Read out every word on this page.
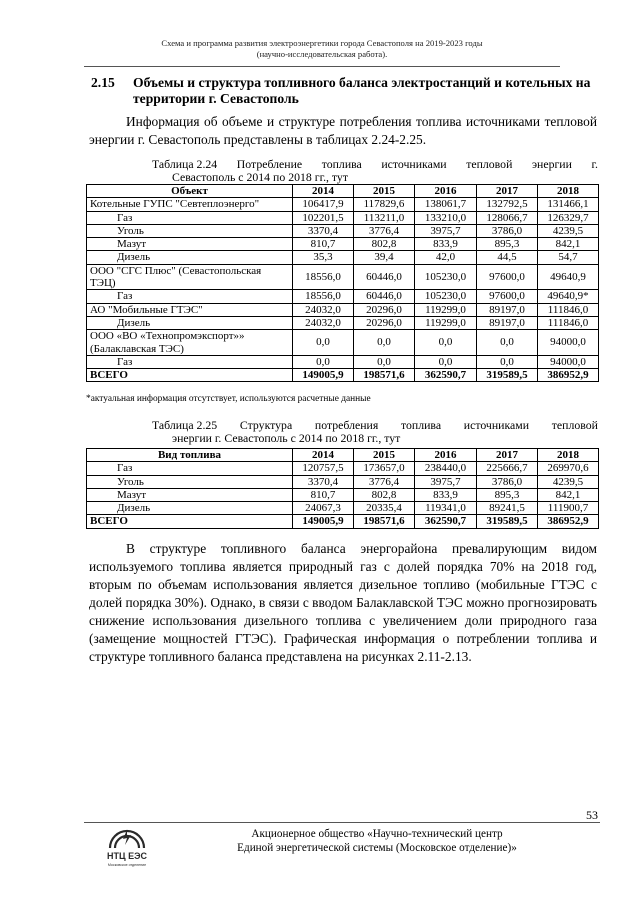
Схема и программа развития электроэнергетики города Севастополя на 2019-2023 годы
(научно-исследовательская работа).
2.15 Объемы и структура топливного баланса электростанций и котельных на территории г. Севастополь

Информация об объеме и структуре потребления топлива источниками тепловой энергии г. Севастополь представлены в таблицах 2.24-2.25.

Таблица 2.24 Потребление топлива источниками тепловой энергии г.
Севастополь с 2014 по 2018 гг., тут
Объект	2014	2015	2016	2017	2018
Котельные ГУПС "Севтеплоэнерго"	106417,9	117829,6	138061,7	132792,5	131466,1
Газ	102201,5	113211,0	133210,0	128066,7	126329,7
Уголь	3370,4	3776,4	3975,7	3786,0	4239,5
Мазут	810,7	802,8	833,9	895,3	842,1
Дизель	35,3	39,4	42,0	44,5	54,7
ООО "СГС Плюс" (Севастопольская ТЭЦ)	18556,0	60446,0	105230,0	97600,0	49640,9
Газ	18556,0	60446,0	105230,0	97600,0	49640,9*
АО "Мобильные ГТЭС"	24032,0	20296,0	119299,0	89197,0	111846,0
Дизель	24032,0	20296,0	119299,0	89197,0	111846,0
ООО «ВО «Технопромэкспорт»» (Балаклавская ТЭС)	0,0	0,0	0,0	0,0	94000,0
Газ	0,0	0,0	0,0	0,0	94000,0
ВСЕГО	149005,9	198571,6	362590,7	319589,5	386952,9
*актуальная информация отсутствует, используются расчетные данные
Таблица 2.25 Структура потребления топлива источниками тепловой
энергии г. Севастополь с 2014 по 2018 гг., тут
Вид топлива	2014	2015	2016	2017	2018
Газ	120757,5	173657,0	238440,0	225666,7	269970,6
Уголь	3370,4	3776,4	3975,7	3786,0	4239,5
Мазут	810,7	802,8	833,9	895,3	842,1
Дизель	24067,3	20335,4	119341,0	89241,5	111900,7
ВСЕГО	149005,9	198571,6	362590,7	319589,5	386952,9

В структуре топливного баланса энергорайона превалирующим видом используемого топлива является природный газ с долей порядка 70% на 2018 год, вторым по объемам использования является дизельное топливо (мобильные ГТЭС с долей порядка 30%). Однако, в связи с вводом Балаклавской ТЭС можно прогнозировать снижение использования дизельного топлива с увеличением доли природного газа (замещение мощностей ГТЭС). Графическая информация о потреблении топлива и структуре топливного баланса представлена на рисунках 2.11-2.13.

53
НТЦ ЕЭС
Московское отделение
Акционерное общество «Научно-технический центр
Единой энергетической системы (Московское отделение)»
